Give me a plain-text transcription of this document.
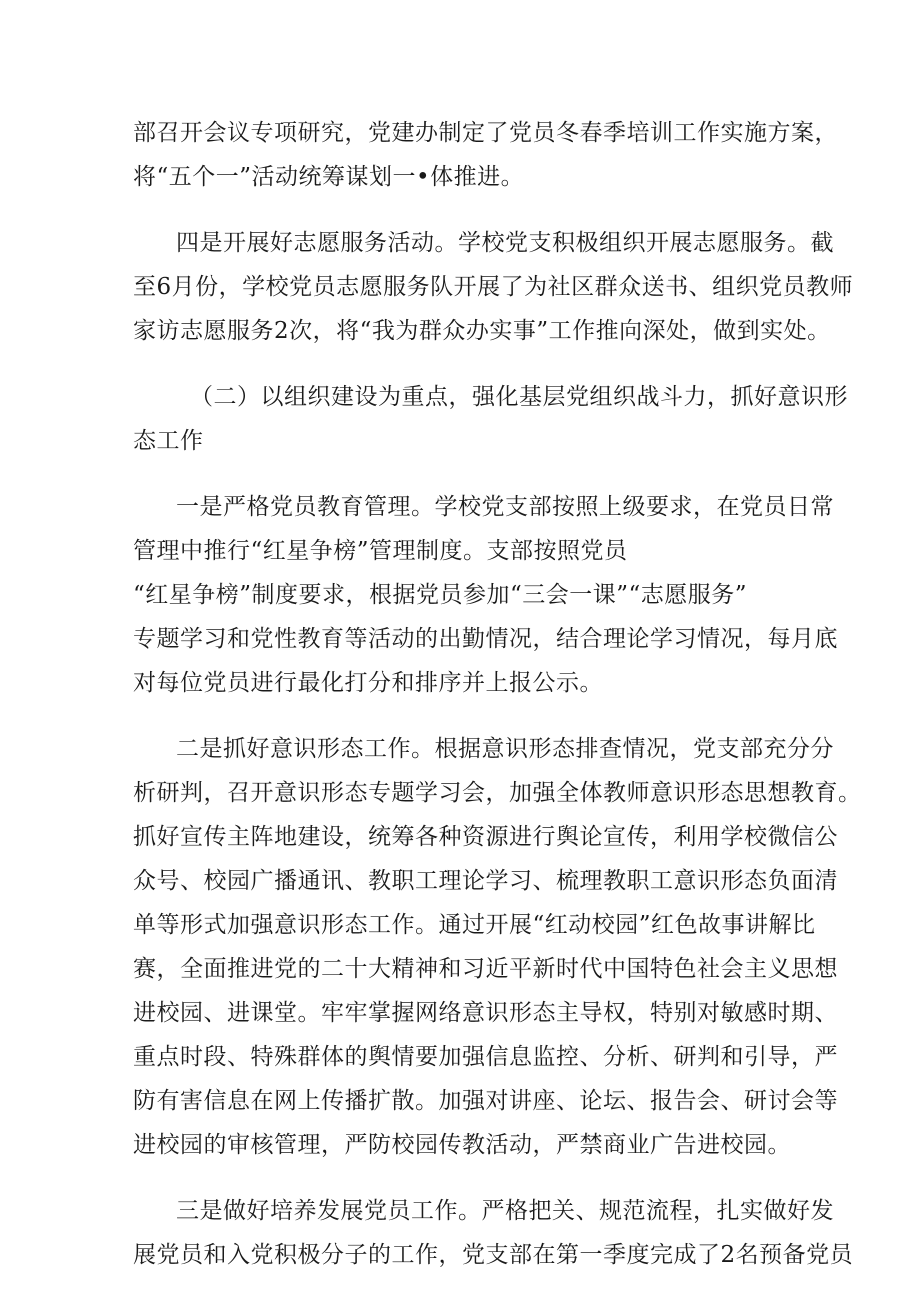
部召开会议专项研究，党建办制定了党员冬春季培训工作实施方案，
将“五个一”活动统筹谋划一•体推进。
四是开展好志愿服务活动。学校党支积极组织开展志愿服务。截
至6月份，学校党员志愿服务队开展了为社区群众送书、组织党员教师
家访志愿服务2次，将“我为群众办实事”工作推向深处，做到实处。
（二）以组织建设为重点，强化基层党组织战斗力，抓好意识形
态工作
一是严格党员教育管理。学校党支部按照上级要求，在党员日常
管理中推行“红星争榜”管理制度。支部按照党员
“红星争榜”制度要求，根据党员参加“三会一课”“志愿服务”
专题学习和党性教育等活动的出勤情况，结合理论学习情况，每月底
对每位党员进行最化打分和排序并上报公示。
二是抓好意识形态工作。根据意识形态排查情况，党支部充分分
析研判，召开意识形态专题学习会，加强全体教师意识形态思想教育。
抓好宣传主阵地建设，统筹各种资源进行舆论宣传，利用学校微信公
众号、校园广播通讯、教职工理论学习、梳理教职工意识形态负面清
单等形式加强意识形态工作。通过开展“红动校园”红色故事讲解比
赛，全面推进党的二十大精神和习近平新时代中国特色社会主义思想
进校园、进课堂。牢牢掌握网络意识形态主导权，特别对敏感时期、
重点时段、特殊群体的舆情要加强信息监控、分析、研判和引导，严
防有害信息在网上传播扩散。加强对讲座、论坛、报告会、研讨会等
进校园的审核管理，严防校园传教活动，严禁商业广告进校园。
三是做好培养发展党员工作。严格把关、规范流程，扎实做好发
展党员和入党积极分子的工作，党支部在第一季度完成了2名预备党员
